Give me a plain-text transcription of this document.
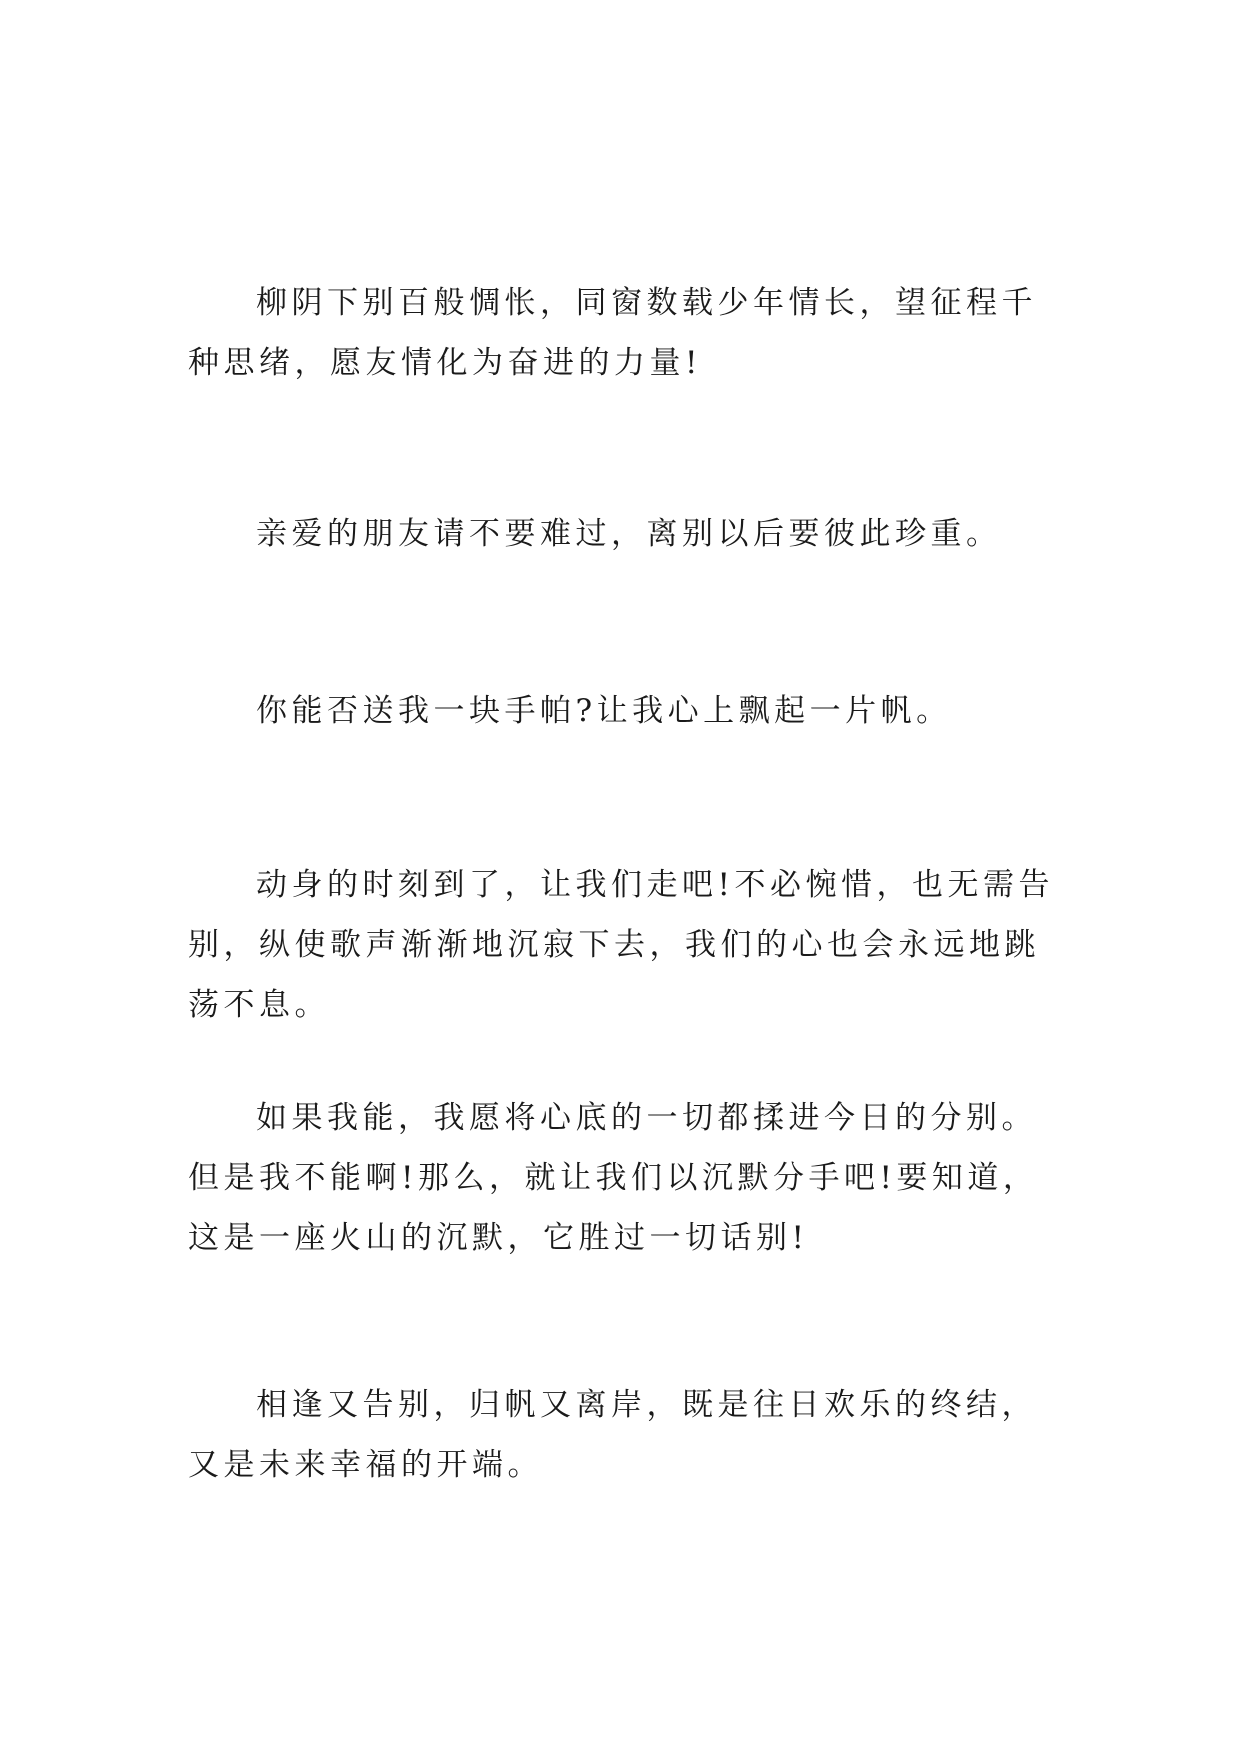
柳阴下别百般惆怅，同窗数载少年情长，望征程千种思绪，愿友情化为奋进的力量!

亲爱的朋友请不要难过，离别以后要彼此珍重。

你能否送我一块手帕?让我心上飘起一片帆。

动身的时刻到了，让我们走吧!不必惋惜，也无需告别，纵使歌声渐渐地沉寂下去，我们的心也会永远地跳荡不息。

如果我能，我愿将心底的一切都揉进今日的分别。但是我不能啊!那么，就让我们以沉默分手吧!要知道，这是一座火山的沉默，它胜过一切话别!

相逢又告别，归帆又离岸，既是往日欢乐的终结，又是未来幸福的开端。
